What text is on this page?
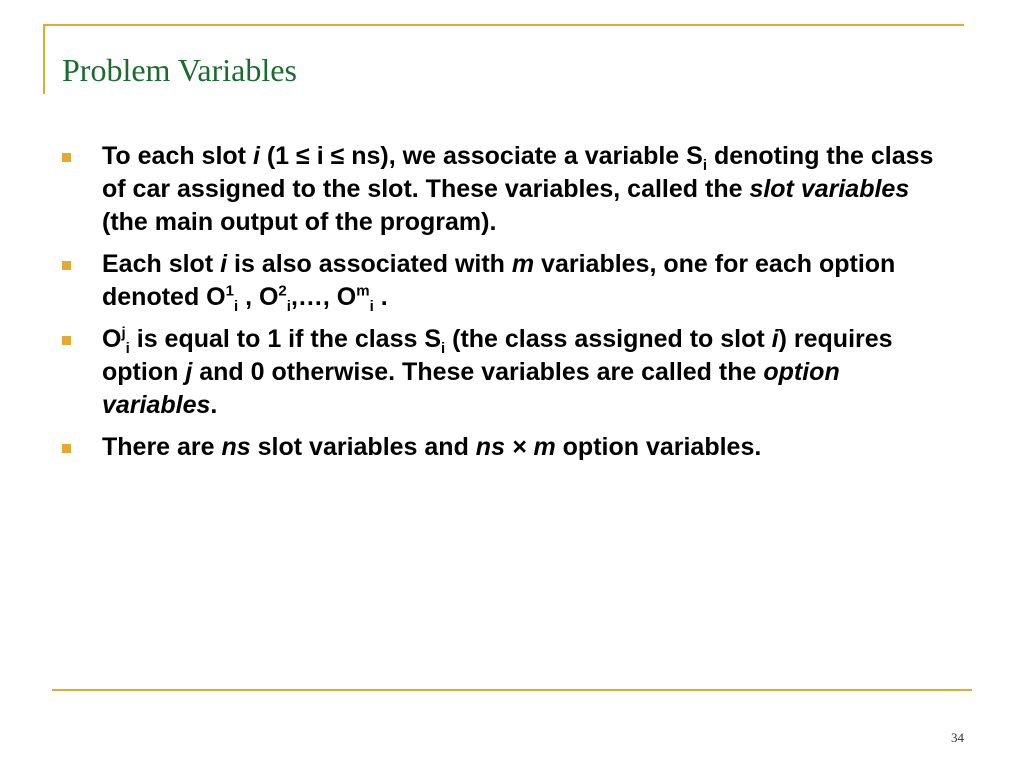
Problem Variables
To each slot i (1 ≤ i ≤ ns), we associate a variable $S_i$ denoting the class of car assigned to the slot. These variables, called the slot variables (the main output of the program).
Each slot i is also associated with m variables, one for each option denoted $O^1_i$ , $O^2_i,\dots$, $O^m_i$ .
$O^j_i$ is equal to 1 if the class $S_i$ (the class assigned to slot i) requires option j and 0 otherwise. These variables are called the option variables.
There are ns slot variables and ns × m option variables.
34
